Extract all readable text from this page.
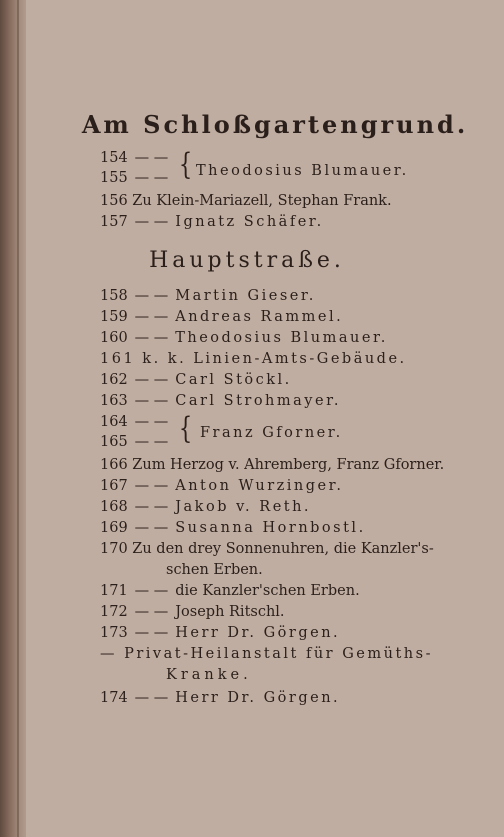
Am Schloßgartengrund.
154 — —
155 — — { Theodosius Blumauer.
156 Zu Klein-Mariazell, Stephan Frank.
157 — — Ignatz Schäfer.
Hauptstraße.
158 — — Martin Gieser.
159 — — Andreas Rammel.
160 — — Theodosius Blumauer.
161 k. k. Linien-Amts-Gebäude.
162 — — Carl Stöckl.
163 — — Carl Strohmayer.
164 — —
165 — — { Franz Gforner.
166 Zum Herzog v. Ahremberg, Franz Gforner.
167 — — Anton Wurzinger.
168 — — Jakob v. Reth.
169 — — Susanna Hornbostl.
170 Zu den drey Sonnenuhren, die Kanzler's-
schen Erben.
171 — — die Kanzler'schen Erben.
172 — — Joseph Ritschl.
173 — — Herr Dr. Görgen.
— Privat-Heilanstalt für Gemüths-
Kranke.
174 — — Herr Dr. Görgen.
